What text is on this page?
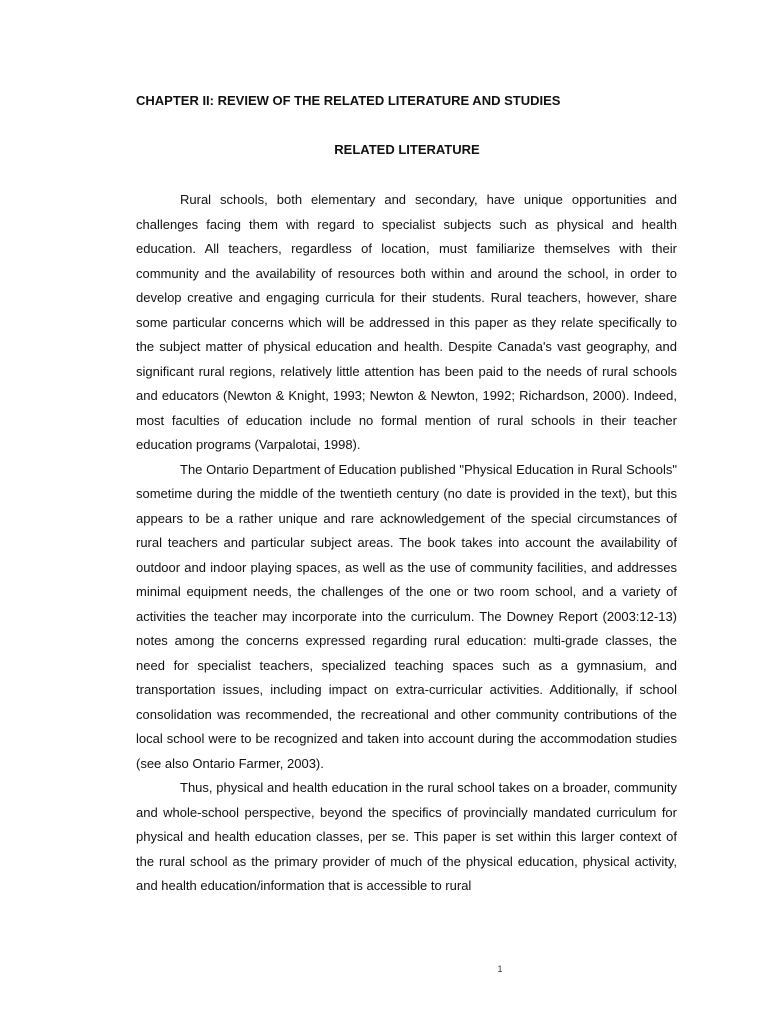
CHAPTER II: REVIEW OF THE RELATED LITERATURE AND STUDIES
RELATED LITERATURE

Rural schools, both elementary and secondary, have unique opportunities and challenges facing them with regard to specialist subjects such as physical and health education. All teachers, regardless of location, must familiarize themselves with their community and the availability of resources both within and around the school, in order to develop creative and engaging curricula for their students. Rural teachers, however, share some particular concerns which will be addressed in this paper as they relate specifically to the subject matter of physical education and health. Despite Canada's vast geography, and significant rural regions, relatively little attention has been paid to the needs of rural schools and educators (Newton & Knight, 1993; Newton & Newton, 1992; Richardson, 2000). Indeed, most faculties of education include no formal mention of rural schools in their teacher education programs (Varpalotai, 1998).

The Ontario Department of Education published "Physical Education in Rural Schools" sometime during the middle of the twentieth century (no date is provided in the text), but this appears to be a rather unique and rare acknowledgement of the special circumstances of rural teachers and particular subject areas. The book takes into account the availability of outdoor and indoor playing spaces, as well as the use of community facilities, and addresses minimal equipment needs, the challenges of the one or two room school, and a variety of activities the teacher may incorporate into the curriculum. The Downey Report (2003:12-13) notes among the concerns expressed regarding rural education: multi-grade classes, the need for specialist teachers, specialized teaching spaces such as a gymnasium, and transportation issues, including impact on extra-curricular activities. Additionally, if school consolidation was recommended, the recreational and other community contributions of the local school were to be recognized and taken into account during the accommodation studies (see also Ontario Farmer, 2003).

Thus, physical and health education in the rural school takes on a broader, community and whole-school perspective, beyond the specifics of provincially mandated curriculum for physical and health education classes, per se. This paper is set within this larger context of the rural school as the primary provider of much of the physical education, physical activity, and health education/information that is accessible to rural

1
